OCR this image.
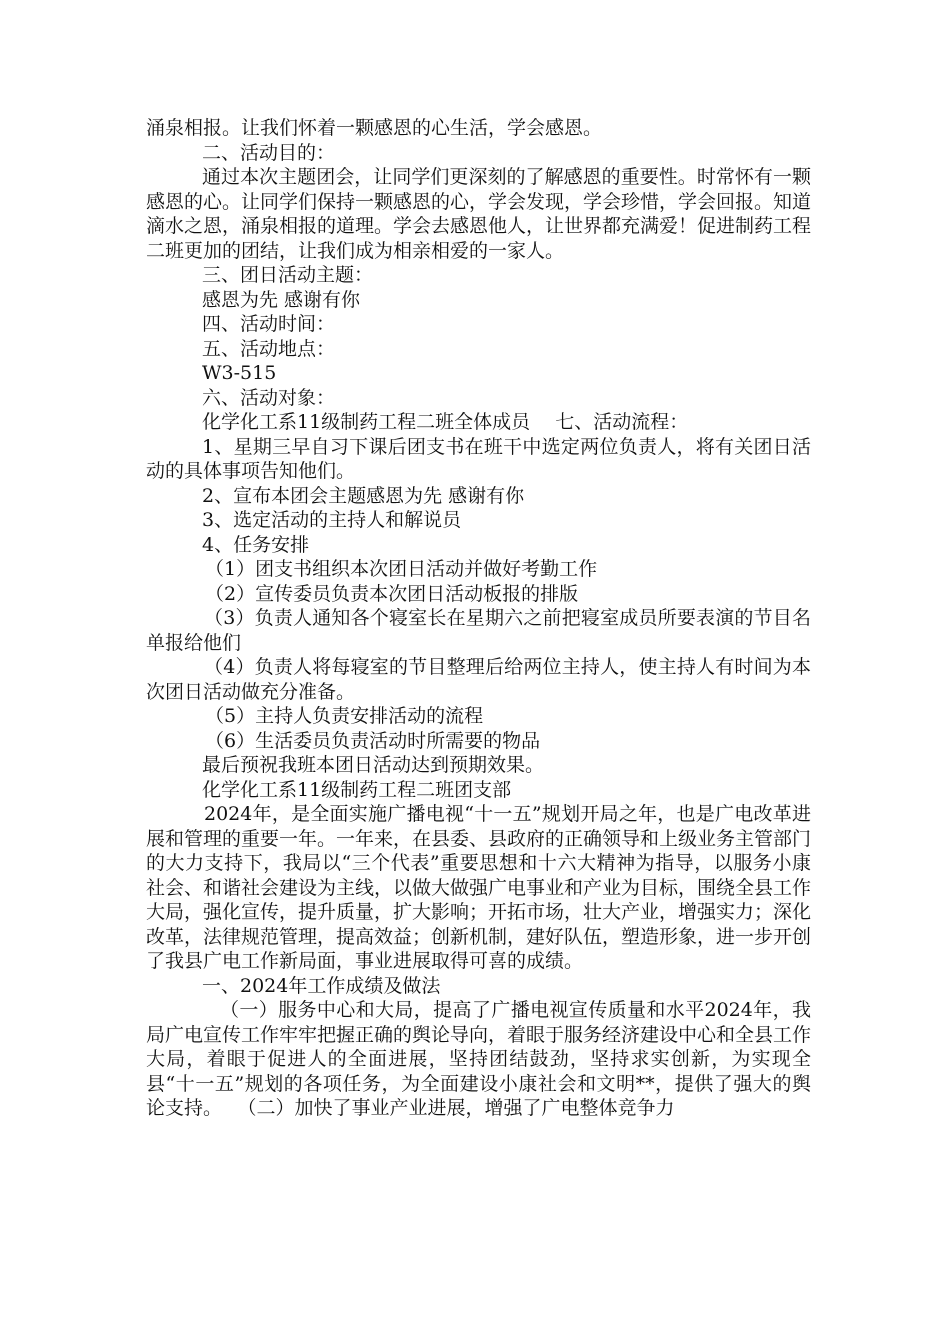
涌泉相报。让我们怀着一颗感恩的心生活，学会感恩。

二、活动目的：

通过本次主题团会，让同学们更深刻的了解感恩的重要性。时常怀有一颗感恩的心。让同学们保持一颗感恩的心，学会发现，学会珍惜，学会回报。知道滴水之恩，涌泉相报的道理。学会去感恩他人，让世界都充满爱！促进制药工程二班更加的团结，让我们成为相亲相爱的一家人。

三、团日活动主题：

感恩为先 感谢有你

四、活动时间：

五、活动地点：

W3-515

六、活动对象：

化学化工系11级制药工程二班全体成员　 七、活动流程：

1、星期三早自习下课后团支书在班干中选定两位负责人，将有关团日活动的具体事项告知他们。

2、宣布本团会主题感恩为先 感谢有你

3、选定活动的主持人和解说员

4、任务安排

（1）团支书组织本次团日活动并做好考勤工作

（2）宣传委员负责本次团日活动板报的排版

（3）负责人通知各个寝室长在星期六之前把寝室成员所要表演的节目名单报给他们

（4）负责人将每寝室的节目整理后给两位主持人，使主持人有时间为本次团日活动做充分准备。

（5）主持人负责安排活动的流程

（6）生活委员负责活动时所需要的物品

最后预祝我班本团日活动达到预期效果。

化学化工系11级制药工程二班团支部

2024年，是全面实施广播电视“十一五”规划开局之年，也是广电改革进展和管理的重要一年。一年来，在县委、县政府的正确领导和上级业务主管部门的大力支持下，我局以“三个代表”重要思想和十六大精神为指导，以服务小康社会、和谐社会建设为主线，以做大做强广电事业和产业为目标，围绕全县工作大局，强化宣传，提升质量，扩大影响；开拓市场，壮大产业，增强实力；深化改革，法律规范管理，提高效益；创新机制，建好队伍，塑造形象，进一步开创了我县广电工作新局面，事业进展取得可喜的成绩。

一、2024年工作成绩及做法

（一）服务中心和大局，提高了广播电视宣传质量和水平2024年，我局广电宣传工作牢牢把握正确的舆论导向，着眼于服务经济建设中心和全县工作大局，着眼于促进人的全面进展，坚持团结鼓劲，坚持求实创新，为实现全县“十一五”规划的各项任务，为全面建设小康社会和文明**，提供了强大的舆论支持。　 （二）加快了事业产业进展，增强了广电整体竞争力
